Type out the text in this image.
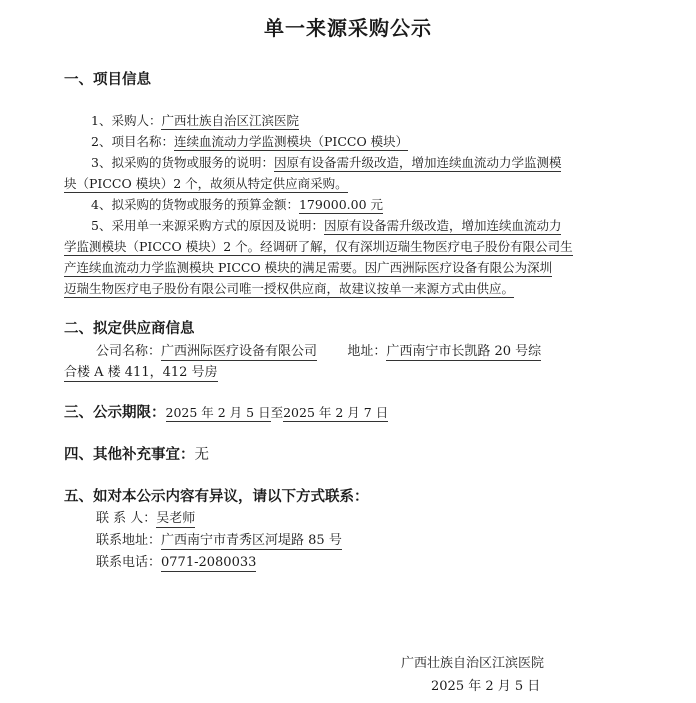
单一来源采购公示
一、项目信息
1、采购人：广西壮族自治区江滨医院
2、项目名称：连续血流动力学监测模块（PICCO 模块）
3、拟采购的货物或服务的说明：因原有设备需升级改造，增加连续血流动力学监测模
块（PICCO 模块）2 个，故须从特定供应商采购。
4、拟采购的货物或服务的预算金额：179000.00 元
5、采用单一来源采购方式的原因及说明：因原有设备需升级改造，增加连续血流动力
学监测模块（PICCO 模块）2 个。经调研了解，仅有深圳迈瑞生物医疗电子股份有限公司生
产连续血流动力学监测模块 PICCO 模块的满足需要。因广西洲际医疗设备有限公为深圳
迈瑞生物医疗电子股份有限公司唯一授权供应商，故建议按单一来源方式由供应。
二、拟定供应商信息
公司名称：广西洲际医疗设备有限公司 地址：广西南宁市长凯路 20 号综
合楼 A 楼 411，412 号房
三、公示期限：2025 年 2 月 5 日至2025 年 2 月 7 日
四、其他补充事宜：无
五、如对本公示内容有异议，请以下方式联系：
联 系 人：吴老师
联系地址：广西南宁市青秀区河堤路 85 号
联系电话：0771-2080033
广西壮族自治区江滨医院
2025 年 2 月 5 日
